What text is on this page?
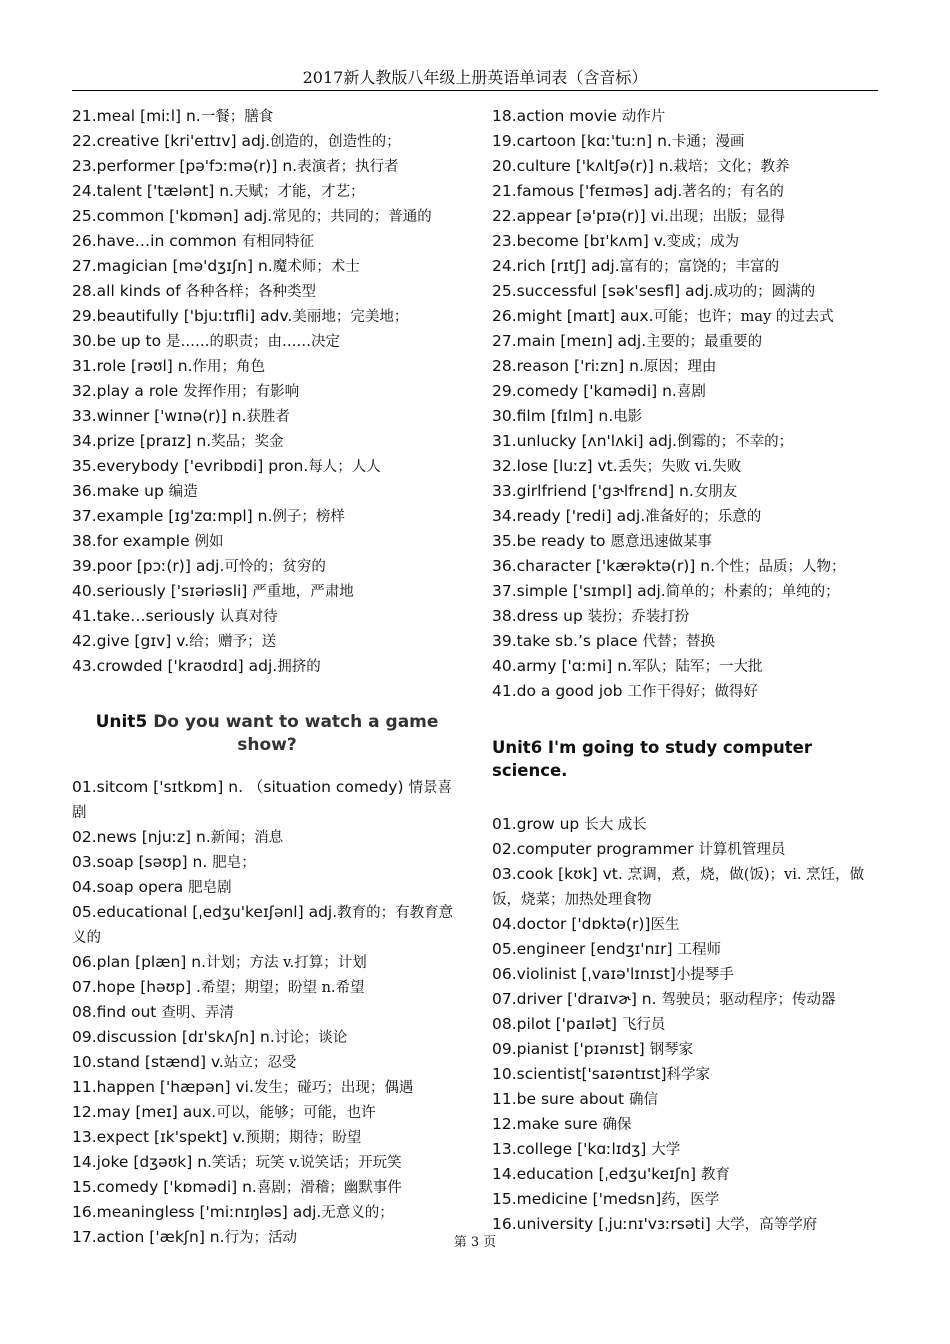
2017新人教版八年级上册英语单词表（含音标）

21.meal [miːl] n.一餐；膳食

22.creative [kri'eɪtɪv] adj.创造的，创造性的；

23.performer [pə'fɔːmə(r)] n.表演者；执行者

24.talent ['tælənt] n.天赋；才能，才艺；

25.common ['kɒmən] adj.常见的；共同的；普通的

26.have…in common 有相同特征

27.magician [mə'dʒɪʃn] n.魔术师；术士

28.all kinds of 各种各样；各种类型

29.beautifully ['bjuːtɪfli] adv.美丽地；完美地；

30.be up to 是……的职责；由……决定

31.role [rəʊl] n.作用；角色

32.play a role 发挥作用；有影响

33.winner ['wɪnə(r)] n.获胜者

34.prize [praɪz] n.奖品；奖金

35.everybody ['evribɒdi] pron.每人；人人

36.make up 编造

37.example [ɪg'zɑːmpl] n.例子；榜样

38.for example 例如

39.poor [pɔː(r)] adj.可怜的；贫穷的

40.seriously ['sɪəriəsli] 严重地，严肃地

41.take…seriously 认真对待

42.give [gɪv] v.给；赠予；送

43.crowded ['kraʊdɪd] adj.拥挤的

Unit5 Do you want to watch a game show?

01.sitcom ['sɪtkɒm] n. （situation comedy) 情景喜剧

02.news [njuːz] n.新闻；消息

03.soap [səʊp] n. 肥皂；

04.soap opera 肥皂剧

05.educational [ˌedʒu'keɪʃənl] adj.教育的；有教育意义的

06.plan [plæn] n.计划；方法 v.打算；计划

07.hope [həʊp] .希望；期望；盼望 n.希望

08.find out 查明、弄清

09.discussion [dɪ'skʌʃn] n.讨论；谈论

10.stand [stænd] v.站立；忍受

11.happen ['hæpən] vi.发生；碰巧；出现；偶遇

12.may [meɪ] aux.可以，能够；可能，也许

13.expect [ɪk'spekt] v.预期；期待；盼望

14.joke [dʒəʊk] n.笑话；玩笑 v.说笑话；开玩笑

15.comedy ['kɒmədi] n.喜剧；滑稽；幽默事件

16.meaningless ['miːnɪŋləs] adj.无意义的；

17.action ['ækʃn] n.行为；活动

18.action movie 动作片

19.cartoon [kɑː'tuːn] n.卡通；漫画

20.culture ['kʌltʃə(r)] n.栽培；文化；教养

21.famous ['feɪməs] adj.著名的；有名的

22.appear [ə'pɪə(r)] vi.出现；出版；显得

23.become [bɪ'kʌm] v.变成；成为

24.rich [rɪtʃ] adj.富有的；富饶的；丰富的

25.successful [sək'sesfl] adj.成功的；圆满的

26.might [maɪt] aux.可能；也许；may 的过去式

27.main [meɪn] adj.主要的；最重要的

28.reason ['riːzn] n.原因；理由

29.comedy ['kɑmədi] n.喜剧

30.film [fɪlm] n.电影

31.unlucky [ʌn'lʌki] adj.倒霉的；不幸的；

32.lose [luːz] vt.丢失；失败 vi.失败

33.girlfriend ['gɝlfrɛnd] n.女朋友

34.ready ['redi] adj.准备好的；乐意的

35.be ready to 愿意迅速做某事

36.character ['kærəktə(r)] n.个性；品质；人物；

37.simple ['sɪmpl] adj.简单的；朴素的；单纯的；

38.dress up 装扮；乔装打扮

39.take sb.’s place 代替；替换

40.army ['ɑːmi] n.军队；陆军；一大批

41.do a good job 工作干得好；做得好

Unit6 I'm going to study computer science.

01.grow up 长大 成长

02.computer programmer 计算机管理员

03.cook [kʊk] vt. 烹调，煮，烧，做(饭)；vi. 烹饪，做饭，烧菜；加热处理食物

04.doctor ['dɒktə(r)]医生

05.engineer [endʒɪ'nɪr] 工程师

06.violinist [ˌvaɪə'lɪnɪst]小提琴手

07.driver ['draɪvɚ] n. 驾驶员；驱动程序；传动器

08.pilot ['paɪlət] 飞行员

09.pianist ['pɪənɪst] 钢琴家

10.scientist['saɪəntɪst]科学家

11.be sure about 确信

12.make sure 确保

13.college ['kɑːlɪdʒ] 大学

14.education [ˌedʒu'keɪʃn] 教育

15.medicine ['medsn]药，医学

16.university [ˌjuːnɪ'vɜːrsəti] 大学，高等学府

第 3 页
